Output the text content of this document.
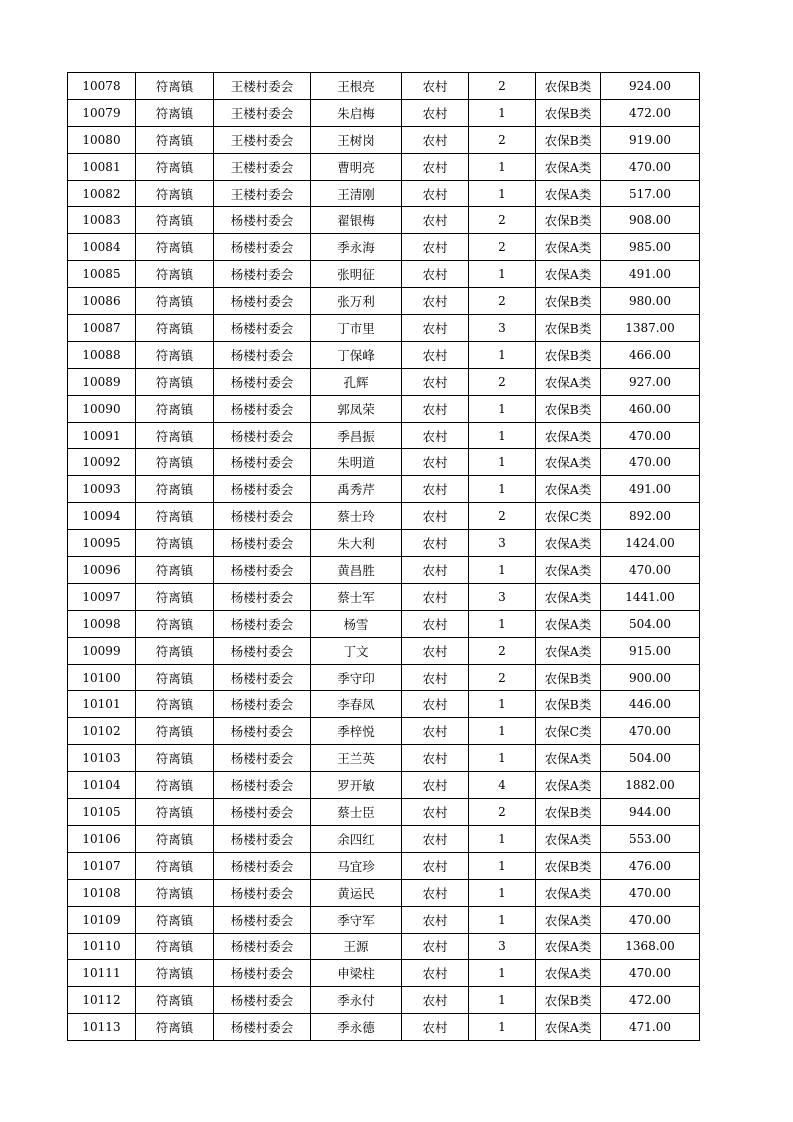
10078	符离镇	王楼村委会	王根亮	农村	2	农保B类	924.00
10079	符离镇	王楼村委会	朱启梅	农村	1	农保B类	472.00
10080	符离镇	王楼村委会	王树岗	农村	2	农保B类	919.00
10081	符离镇	王楼村委会	曹明亮	农村	1	农保A类	470.00
10082	符离镇	王楼村委会	王清刚	农村	1	农保A类	517.00
10083	符离镇	杨楼村委会	翟银梅	农村	2	农保B类	908.00
10084	符离镇	杨楼村委会	季永海	农村	2	农保A类	985.00
10085	符离镇	杨楼村委会	张明征	农村	1	农保A类	491.00
10086	符离镇	杨楼村委会	张万利	农村	2	农保B类	980.00
10087	符离镇	杨楼村委会	丁市里	农村	3	农保B类	1387.00
10088	符离镇	杨楼村委会	丁保峰	农村	1	农保B类	466.00
10089	符离镇	杨楼村委会	孔辉	农村	2	农保A类	927.00
10090	符离镇	杨楼村委会	郭凤荣	农村	1	农保B类	460.00
10091	符离镇	杨楼村委会	季昌振	农村	1	农保A类	470.00
10092	符离镇	杨楼村委会	朱明道	农村	1	农保A类	470.00
10093	符离镇	杨楼村委会	禹秀芹	农村	1	农保A类	491.00
10094	符离镇	杨楼村委会	蔡士玲	农村	2	农保C类	892.00
10095	符离镇	杨楼村委会	朱大利	农村	3	农保A类	1424.00
10096	符离镇	杨楼村委会	黄昌胜	农村	1	农保A类	470.00
10097	符离镇	杨楼村委会	蔡士军	农村	3	农保A类	1441.00
10098	符离镇	杨楼村委会	杨雪	农村	1	农保A类	504.00
10099	符离镇	杨楼村委会	丁文	农村	2	农保A类	915.00
10100	符离镇	杨楼村委会	季守印	农村	2	农保B类	900.00
10101	符离镇	杨楼村委会	李春凤	农村	1	农保B类	446.00
10102	符离镇	杨楼村委会	季梓悦	农村	1	农保C类	470.00
10103	符离镇	杨楼村委会	王兰英	农村	1	农保A类	504.00
10104	符离镇	杨楼村委会	罗开敏	农村	4	农保A类	1882.00
10105	符离镇	杨楼村委会	蔡士臣	农村	2	农保B类	944.00
10106	符离镇	杨楼村委会	余四红	农村	1	农保A类	553.00
10107	符离镇	杨楼村委会	马宜珍	农村	1	农保B类	476.00
10108	符离镇	杨楼村委会	黄运民	农村	1	农保A类	470.00
10109	符离镇	杨楼村委会	季守军	农村	1	农保A类	470.00
10110	符离镇	杨楼村委会	王源	农村	3	农保A类	1368.00
10111	符离镇	杨楼村委会	申梁柱	农村	1	农保A类	470.00
10112	符离镇	杨楼村委会	季永付	农村	1	农保B类	472.00
10113	符离镇	杨楼村委会	季永德	农村	1	农保A类	471.00
